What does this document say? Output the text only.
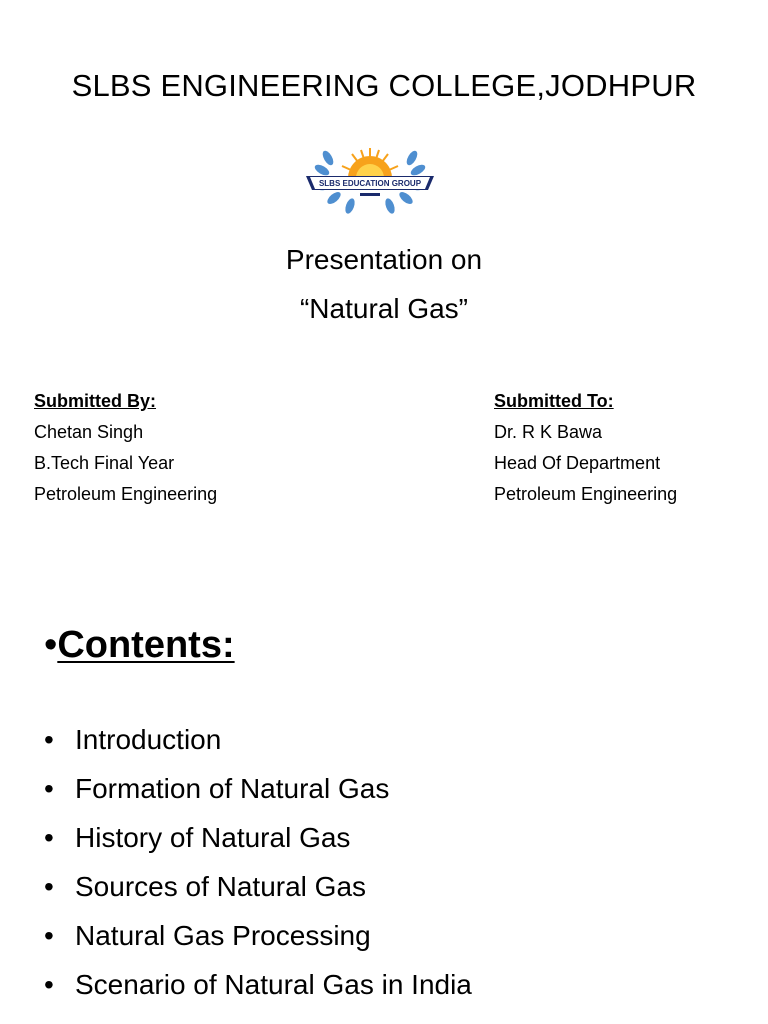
SLBS ENGINEERING COLLEGE,JODHPUR
SLBS EDUCATION GROUP
Presentation on
“Natural Gas”
Submitted By:
Chetan Singh
B.Tech Final Year
Petroleum Engineering
Submitted To:
Dr. R K Bawa
Head Of Department
Petroleum Engineering
•Contents:
• Introduction
• Formation of Natural Gas
• History of Natural Gas
• Sources of Natural Gas
• Natural Gas Processing
• Scenario of Natural Gas in India
